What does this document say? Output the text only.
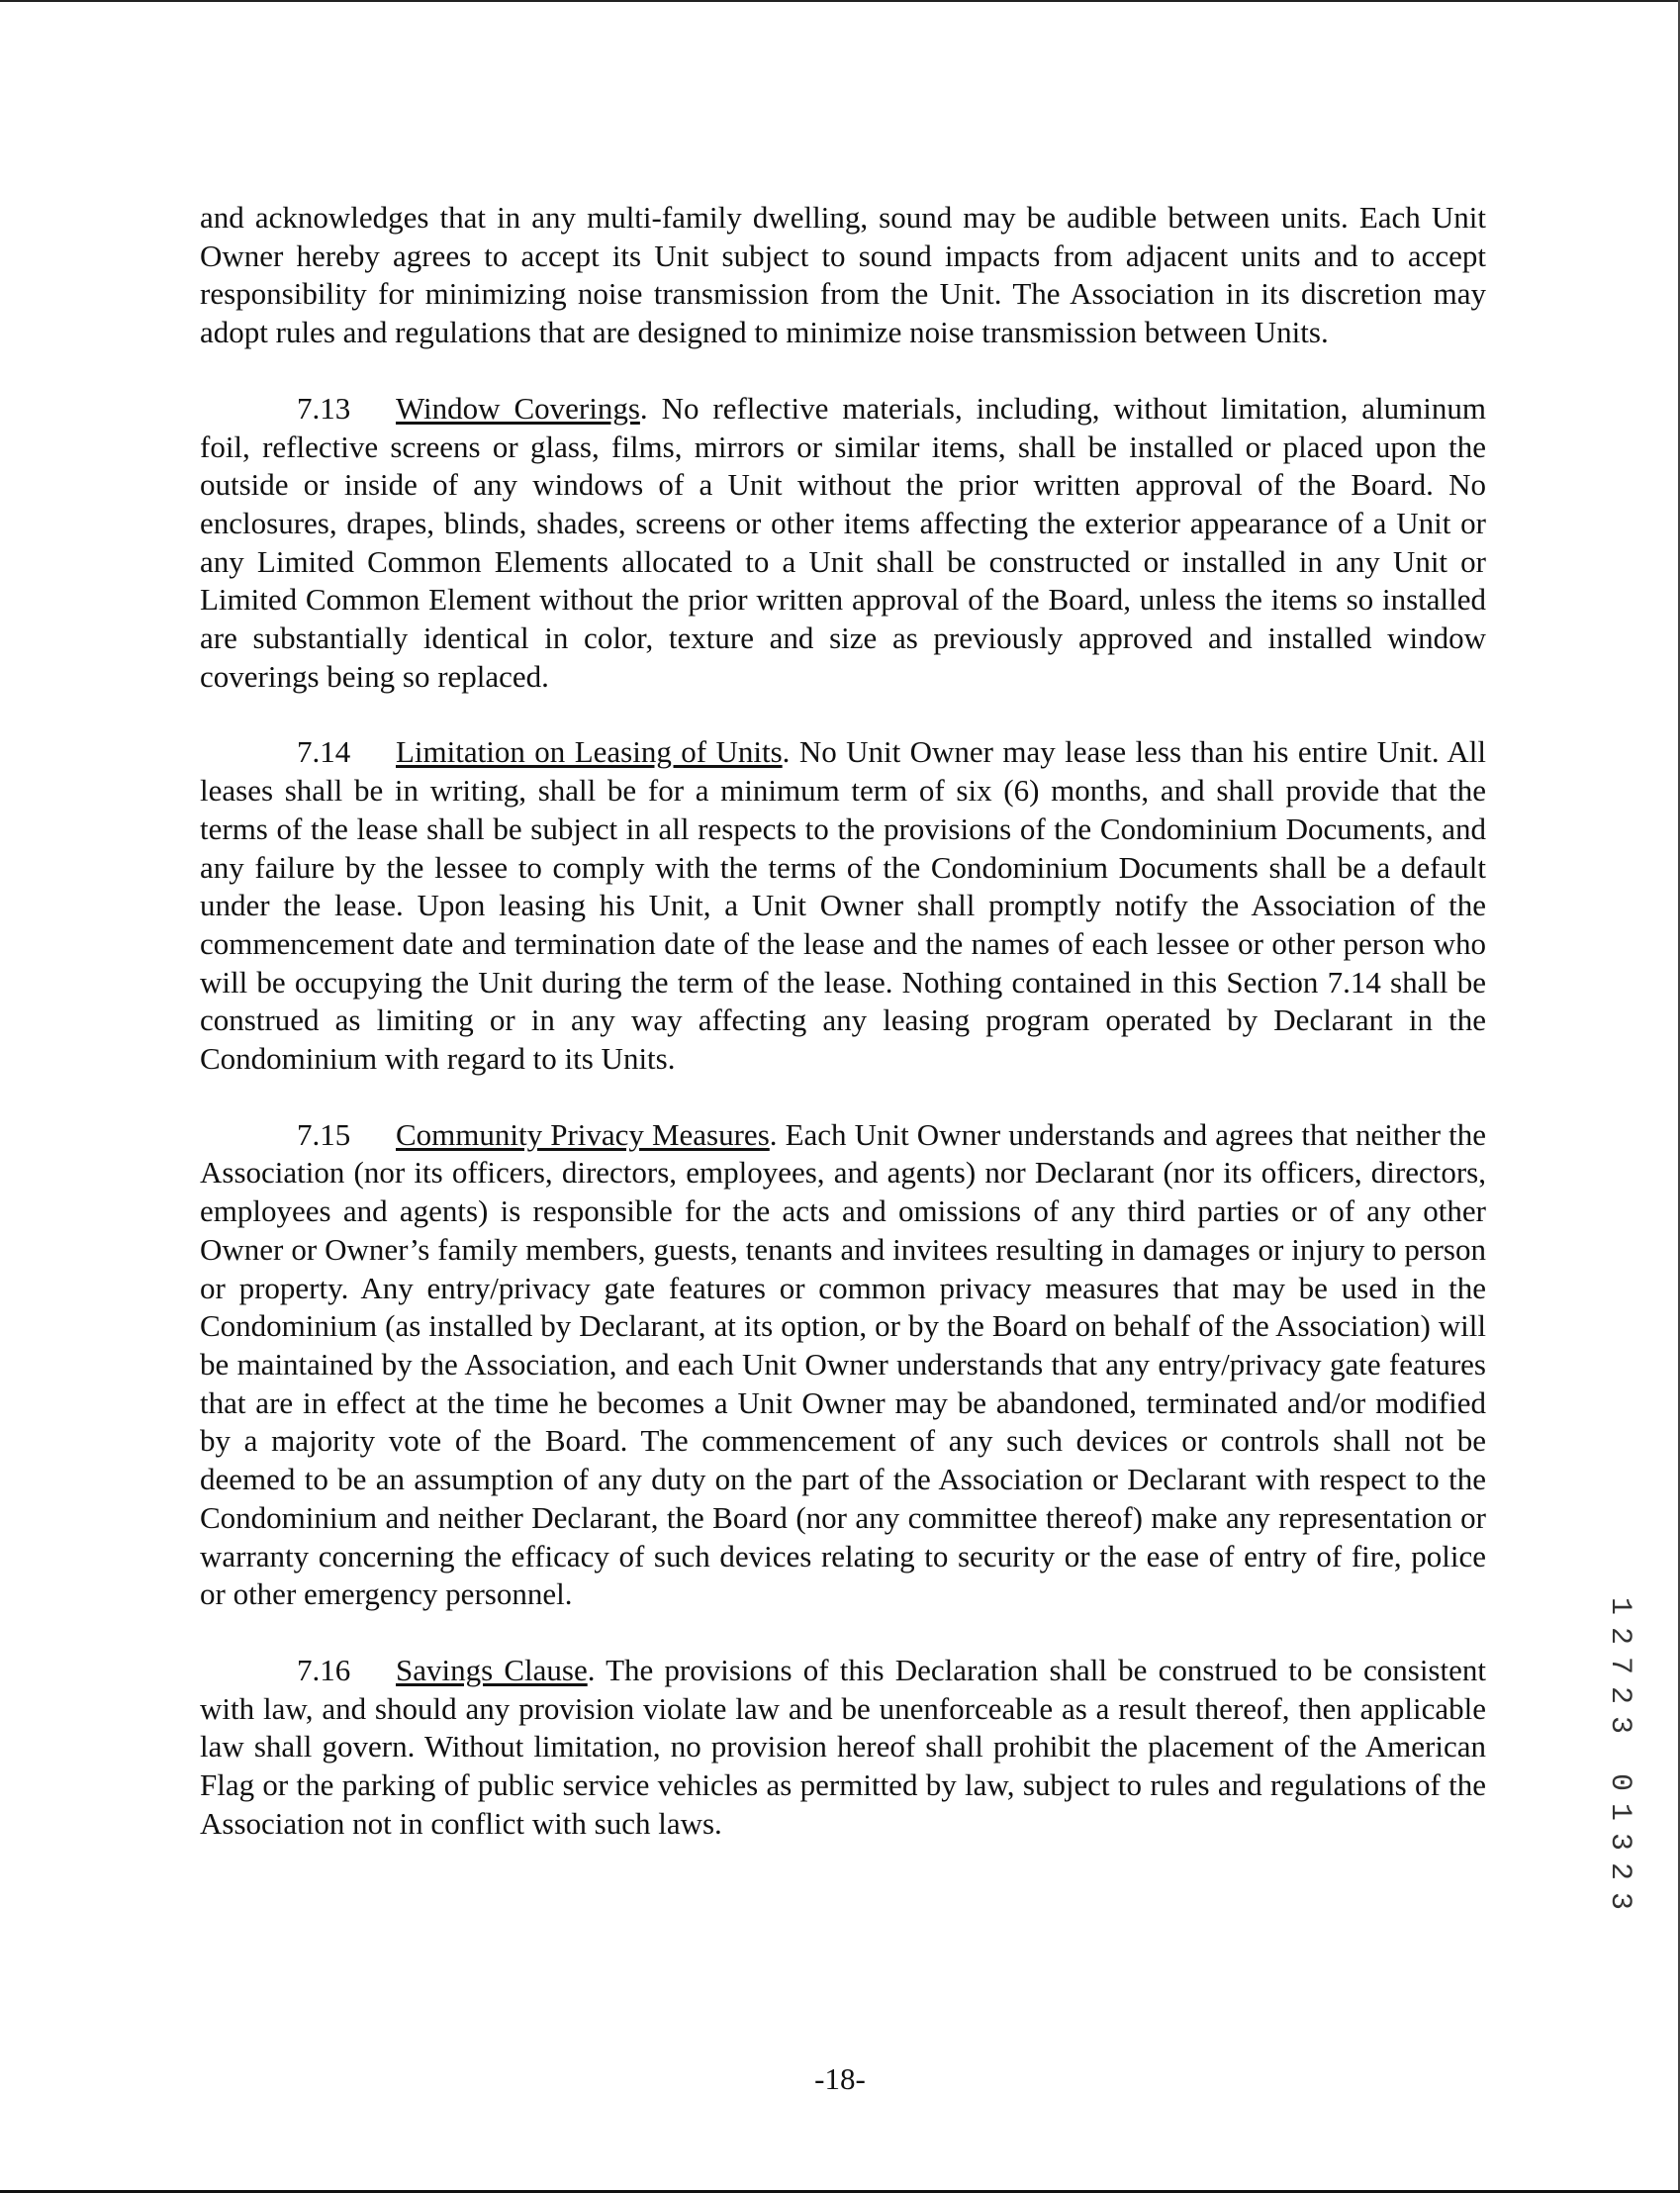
and acknowledges that in any multi-family dwelling, sound may be audible between units. Each Unit Owner hereby agrees to accept its Unit subject to sound impacts from adjacent units and to accept responsibility for minimizing noise transmission from the Unit. The Association in its discretion may adopt rules and regulations that are designed to minimize noise transmission between Units.

7.13 Window Coverings. No reflective materials, including, without limitation, aluminum foil, reflective screens or glass, films, mirrors or similar items, shall be installed or placed upon the outside or inside of any windows of a Unit without the prior written approval of the Board. No enclosures, drapes, blinds, shades, screens or other items affecting the exterior appearance of a Unit or any Limited Common Elements allocated to a Unit shall be constructed or installed in any Unit or Limited Common Element without the prior written approval of the Board, unless the items so installed are substantially identical in color, texture and size as previously approved and installed window coverings being so replaced.

7.14 Limitation on Leasing of Units. No Unit Owner may lease less than his entire Unit. All leases shall be in writing, shall be for a minimum term of six (6) months, and shall provide that the terms of the lease shall be subject in all respects to the provisions of the Condominium Documents, and any failure by the lessee to comply with the terms of the Condominium Documents shall be a default under the lease. Upon leasing his Unit, a Unit Owner shall promptly notify the Association of the commencement date and termination date of the lease and the names of each lessee or other person who will be occupying the Unit during the term of the lease. Nothing contained in this Section 7.14 shall be construed as limiting or in any way affecting any leasing program operated by Declarant in the Condominium with regard to its Units.

7.15 Community Privacy Measures. Each Unit Owner understands and agrees that neither the Association (nor its officers, directors, employees, and agents) nor Declarant (nor its officers, directors, employees and agents) is responsible for the acts and omissions of any third parties or of any other Owner or Owner’s family members, guests, tenants and invitees resulting in damages or injury to person or property. Any entry/privacy gate features or common privacy measures that may be used in the Condominium (as installed by Declarant, at its option, or by the Board on behalf of the Association) will be maintained by the Association, and each Unit Owner understands that any entry/privacy gate features that are in effect at the time he becomes a Unit Owner may be abandoned, terminated and/or modified by a majority vote of the Board. The commencement of any such devices or controls shall not be deemed to be an assumption of any duty on the part of the Association or Declarant with respect to the Condominium and neither Declarant, the Board (nor any committee thereof) make any representation or warranty concerning the efficacy of such devices relating to security or the ease of entry of fire, police or other emergency personnel.

7.16 Savings Clause. The provisions of this Declaration shall be construed to be consistent with law, and should any provision violate law and be unenforceable as a result thereof, then applicable law shall govern. Without limitation, no provision hereof shall prohibit the placement of the American Flag or the parking of public service vehicles as permitted by law, subject to rules and regulations of the Association not in conflict with such laws.

1
2
7
2
3
0
1
3
2
3
-18-
